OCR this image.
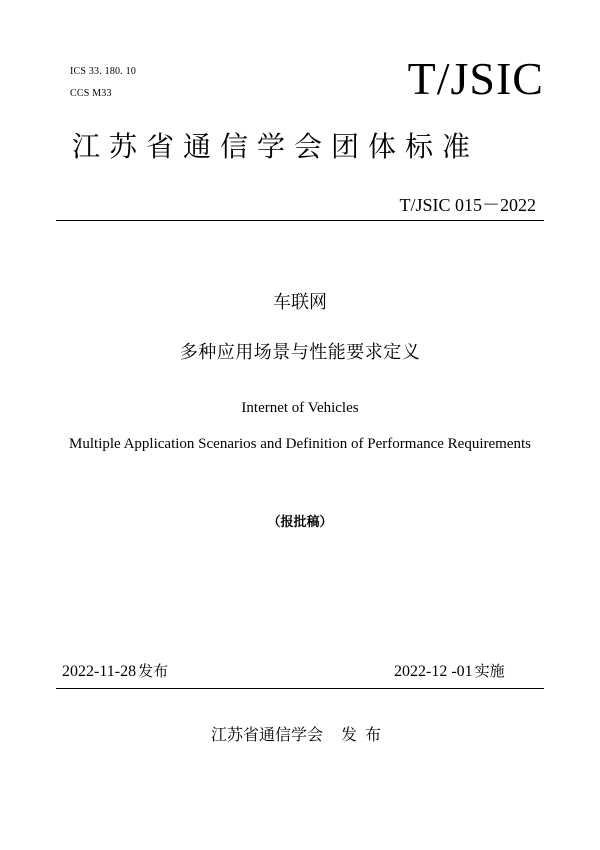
ICS 33. 180. 10
CCS M33	T/JSIC
江苏省通信学会团体标准
T/JSIC 015－2022
车联网
多种应用场景与性能要求定义
Internet of Vehicles
Multiple Application Scenarios and Definition of Performance Requirements
（报批稿）
2022-11-28 发布	2022-12 -01 实施
江苏省通信学会 发布
